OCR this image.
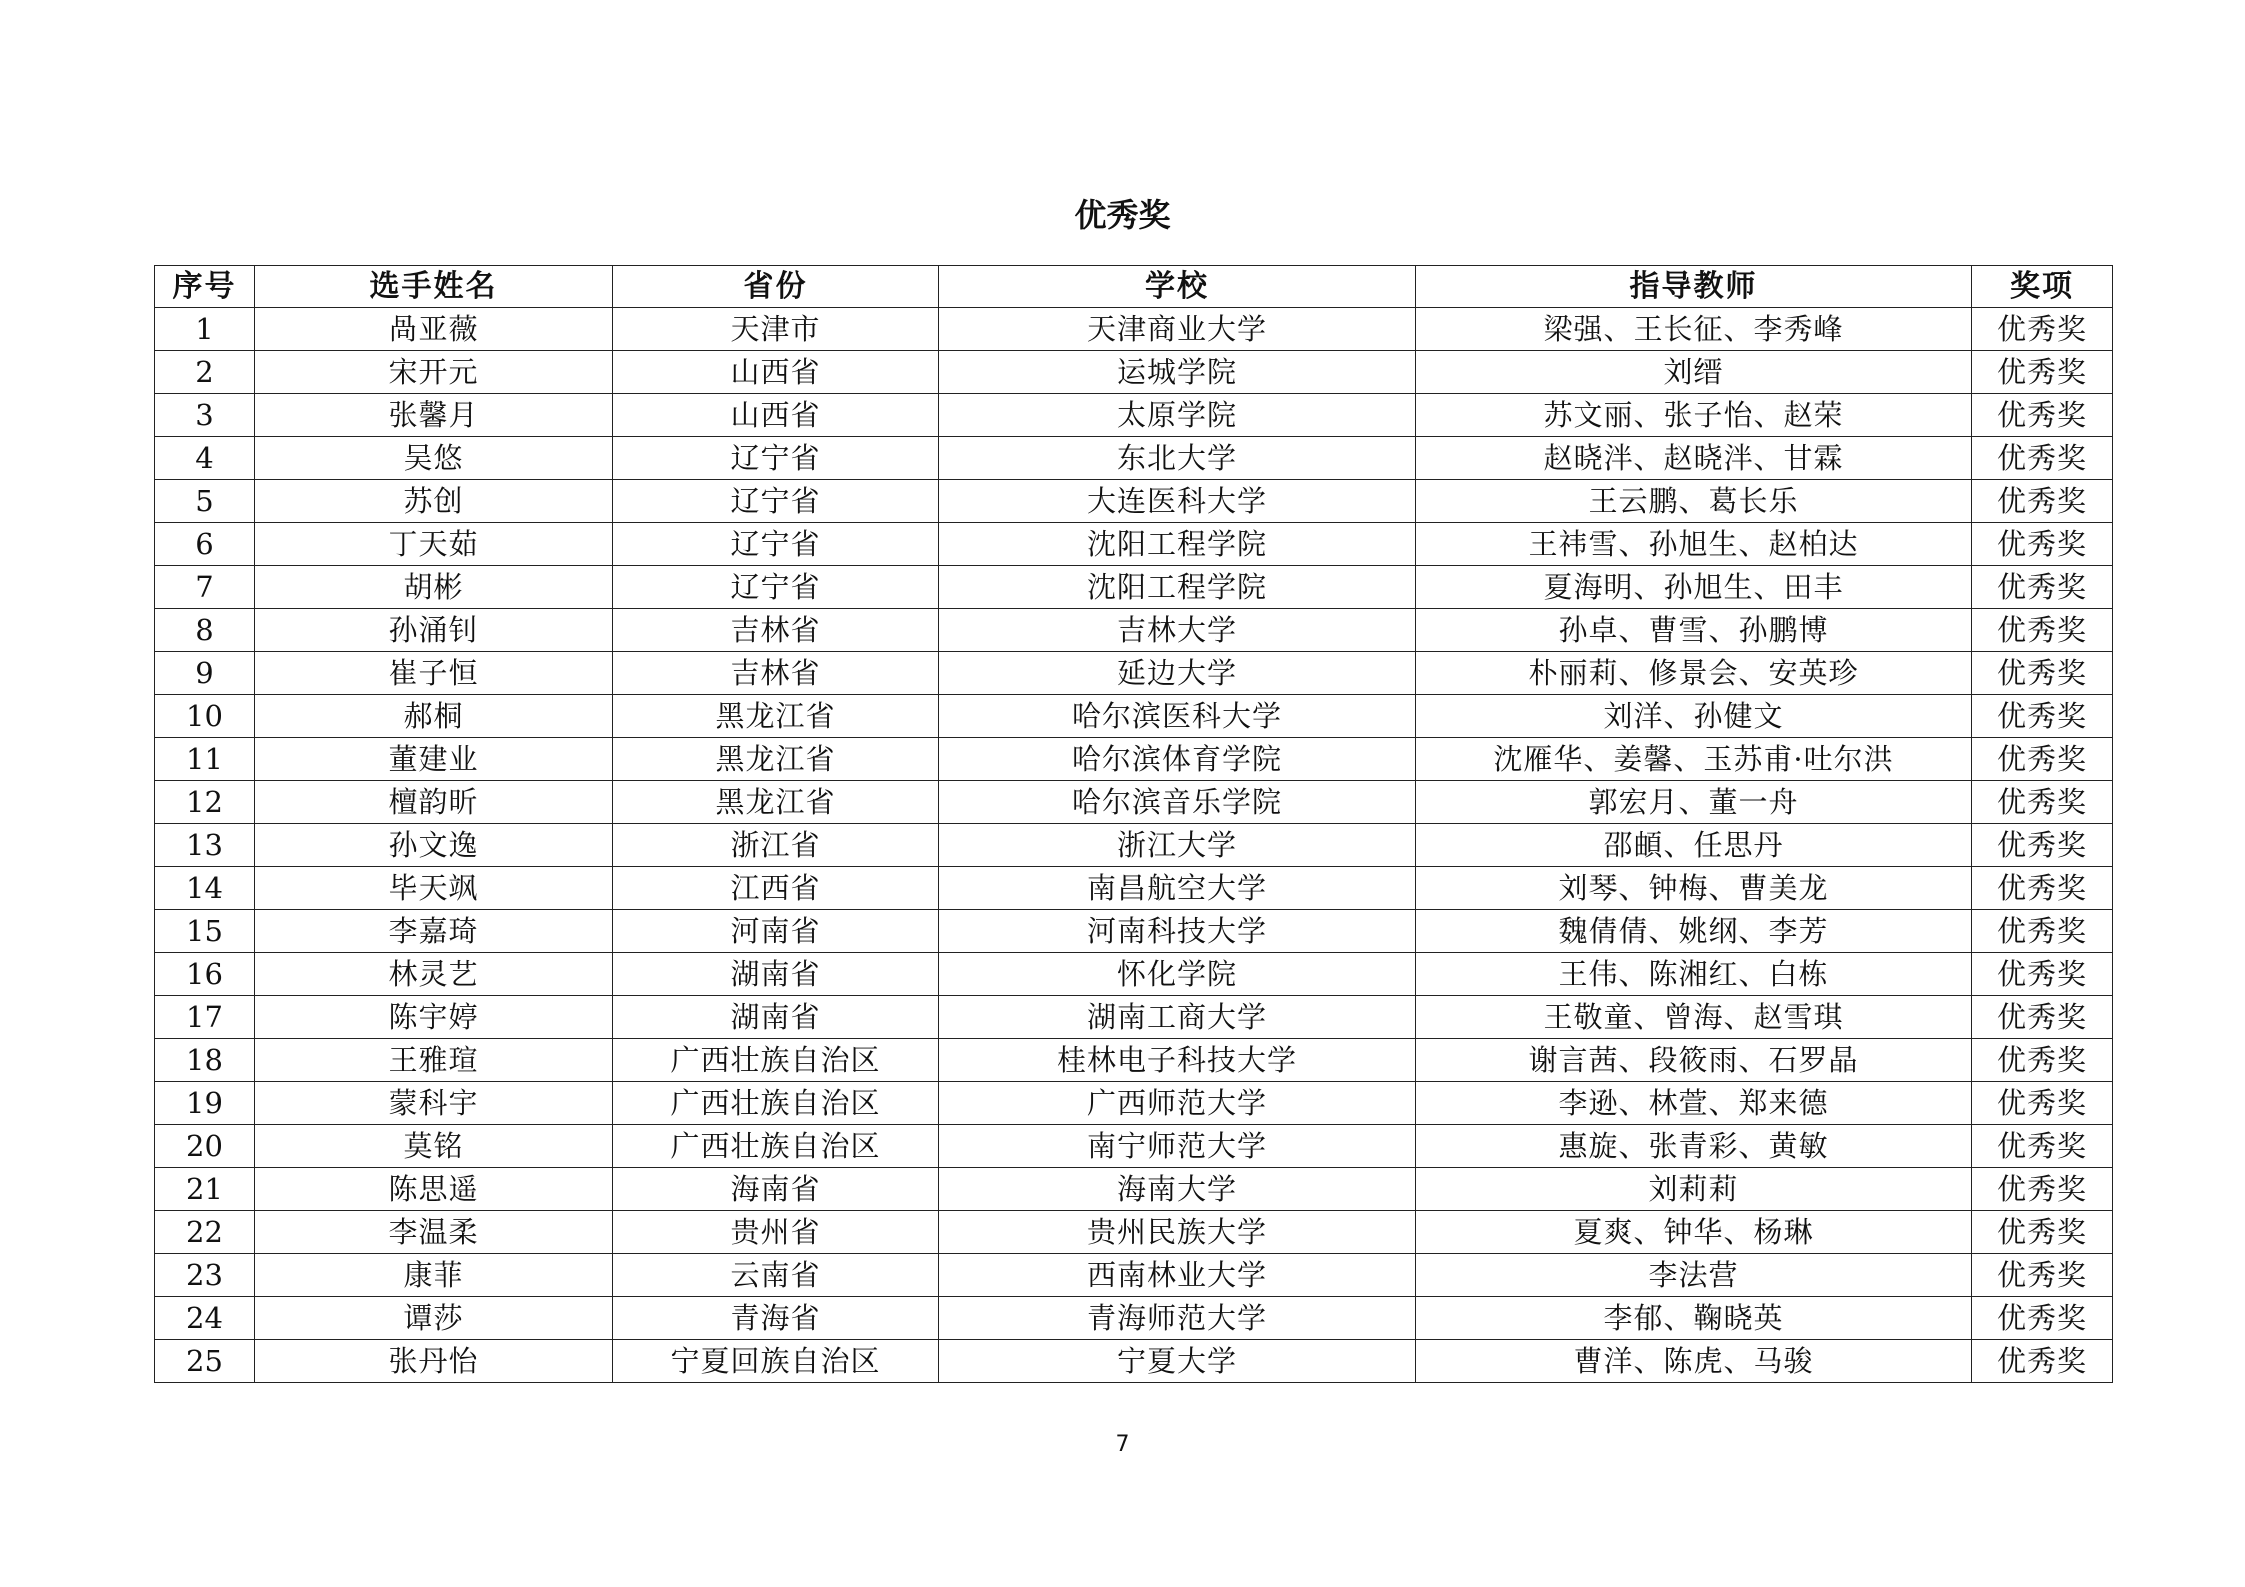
优秀奖
序号	选手姓名	省份	学校	指导教师	奖项
1	咼亚薇	天津市	天津商业大学	梁强、王长征、李秀峰	优秀奖
2	宋开元	山西省	运城学院	刘缙	优秀奖
3	张馨月	山西省	太原学院	苏文丽、张子怡、赵荣	优秀奖
4	吴悠	辽宁省	东北大学	赵晓泮、赵晓泮、甘霖	优秀奖
5	苏创	辽宁省	大连医科大学	王云鹏、葛长乐	优秀奖
6	丁天茹	辽宁省	沈阳工程学院	王祎雪、孙旭生、赵柏达	优秀奖
7	胡彬	辽宁省	沈阳工程学院	夏海明、孙旭生、田丰	优秀奖
8	孙涌钊	吉林省	吉林大学	孙卓、曹雪、孙鹏博	优秀奖
9	崔子恒	吉林省	延边大学	朴丽莉、修景会、安英珍	优秀奖
10	郝桐	黑龙江省	哈尔滨医科大学	刘洋、孙健文	优秀奖
11	董建业	黑龙江省	哈尔滨体育学院	沈雁华、姜馨、玉苏甫·吐尔洪	优秀奖
12	檀韵昕	黑龙江省	哈尔滨音乐学院	郭宏月、董一舟	优秀奖
13	孙文逸	浙江省	浙江大学	邵頔、任思丹	优秀奖
14	毕天飒	江西省	南昌航空大学	刘琴、钟梅、曹美龙	优秀奖
15	李嘉琦	河南省	河南科技大学	魏倩倩、姚纲、李芳	优秀奖
16	林灵艺	湖南省	怀化学院	王伟、陈湘红、白栋	优秀奖
17	陈宇婷	湖南省	湖南工商大学	王敬童、曾海、赵雪琪	优秀奖
18	王雅瑄	广西壮族自治区	桂林电子科技大学	谢言茜、段筱雨、石罗晶	优秀奖
19	蒙科宇	广西壮族自治区	广西师范大学	李逊、林萱、郑来德	优秀奖
20	莫铭	广西壮族自治区	南宁师范大学	惠旋、张青彩、黄敏	优秀奖
21	陈思遥	海南省	海南大学	刘莉莉	优秀奖
22	李温柔	贵州省	贵州民族大学	夏爽、钟华、杨琳	优秀奖
23	康菲	云南省	西南林业大学	李法营	优秀奖
24	谭莎	青海省	青海师范大学	李郁、鞠晓英	优秀奖
25	张丹怡	宁夏回族自治区	宁夏大学	曹洋、陈虎、马骏	优秀奖
7
